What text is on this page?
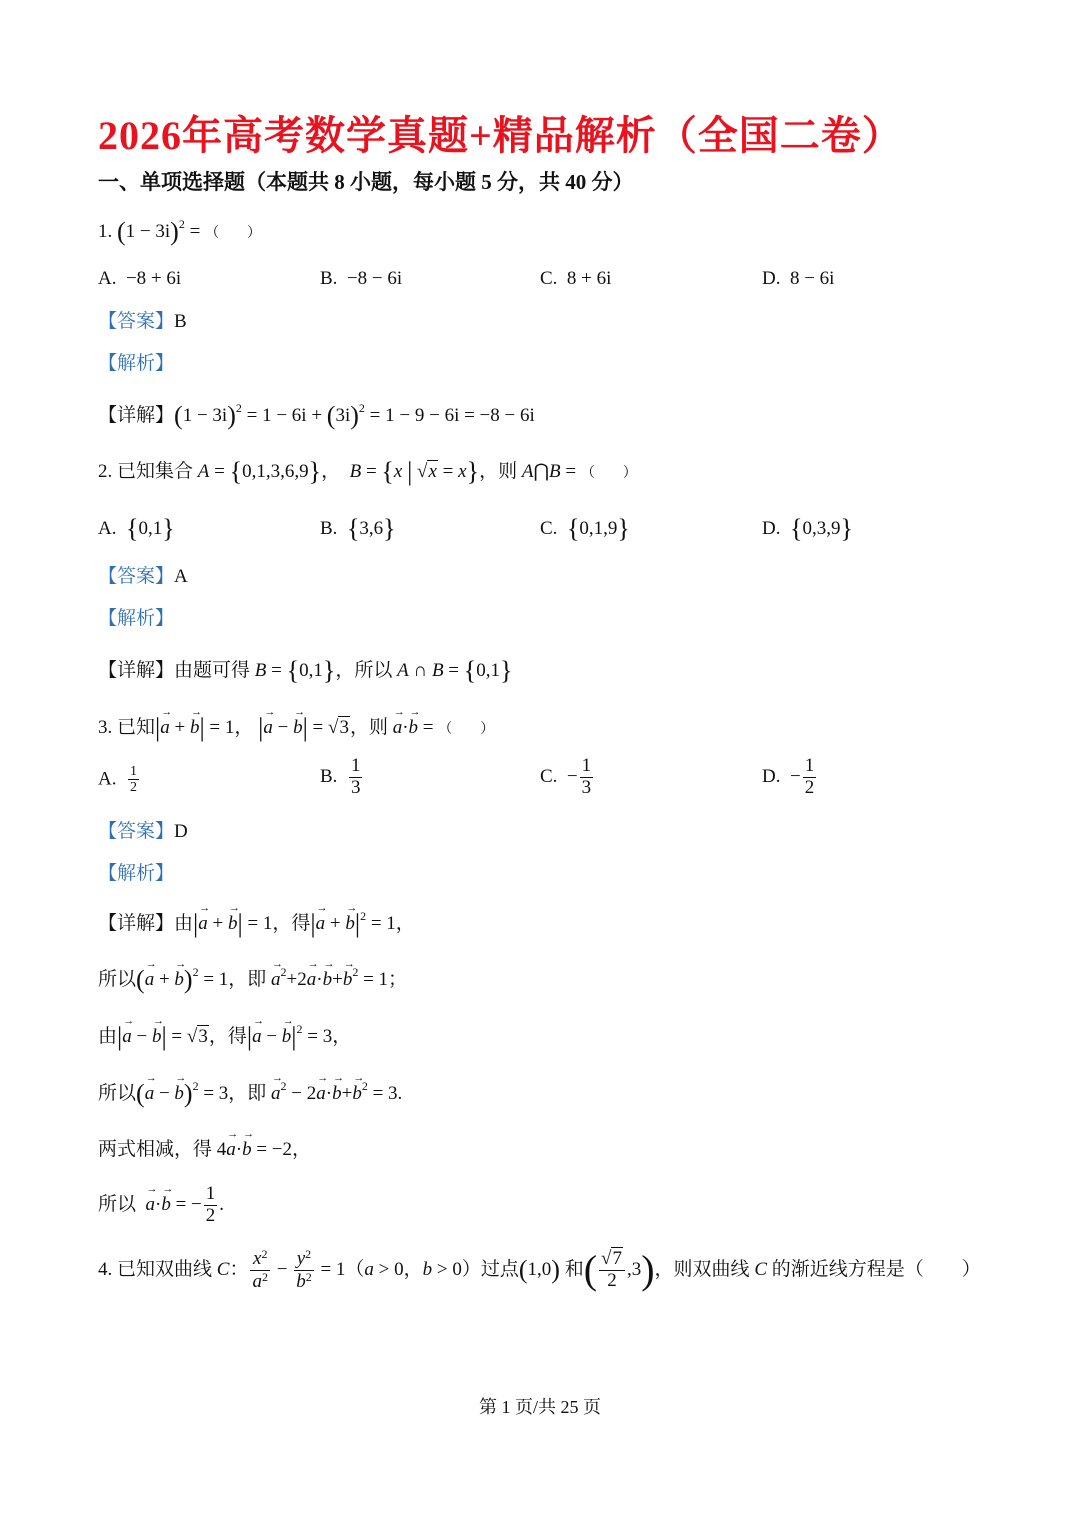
2026年高考数学真题+精品解析（全国二卷）
一、单项选择题（本题共 8 小题，每小题 5 分，共 40 分）
1. $(1 - 3i)^2$ = （　　）
A.  −8 + 6i	B.  −8 − 6i	C.  8 + 6i	D.  8 − 6i
【答案】B
【解析】
【详解】$(1 - 3i)^2 = 1 - 6i + (3i)^2 = 1 - 9 - 6i = -8 - 6i$
2. 已知集合 A = {0,1,3,6,9}，  B = {x | √x = x}，则 A⋂B = （　　）
A.  {0,1}	B.  {3,6}	C.  {0,1,9}	D.  {0,3,9}
【答案】A
【解析】
【详解】由题可得 B = {0,1}，所以 A ∩ B = {0,1}
3. 已知|→ a + → b| = 1， |→ a − → b| = √3，则 → a·→ b = （　　）
A. $\frac{1}{2}$	B. $\frac{1}{3}$	C.  − $\frac{1}{3}$	D.  − $\frac{1}{2}$
【答案】D
【解析】
【详解】由|→ a + → b| = 1，得|→ a + → $b|^2 = 1$，
所以(→ a + → b)$^2$ = 1，即 → $a^2+2\to a\cdot\to b+\to b^2 = 1$；
由|→ a − → b| = √3，得|→ a − → $b|^2 = 3$，
所以(→ a − → b)$^2$ = 3，即 → $a^2 - 2\to a\cdot\to b+\to b^2 = 3$.
两式相减，得 4→ a·→ b = −2，
所以  → a·→ b = − $\frac{1}{2}$ .
4. 已知双曲线 C： $\frac{x^2}{a^2} - \frac{y^2}{b^2} = 1(a > 0$，b > 0）过点(1,0) 和( $\frac{√7}{2} ,3$)，则双曲线 C 的渐近线方程是（　　）
第 1 页/共 25 页
